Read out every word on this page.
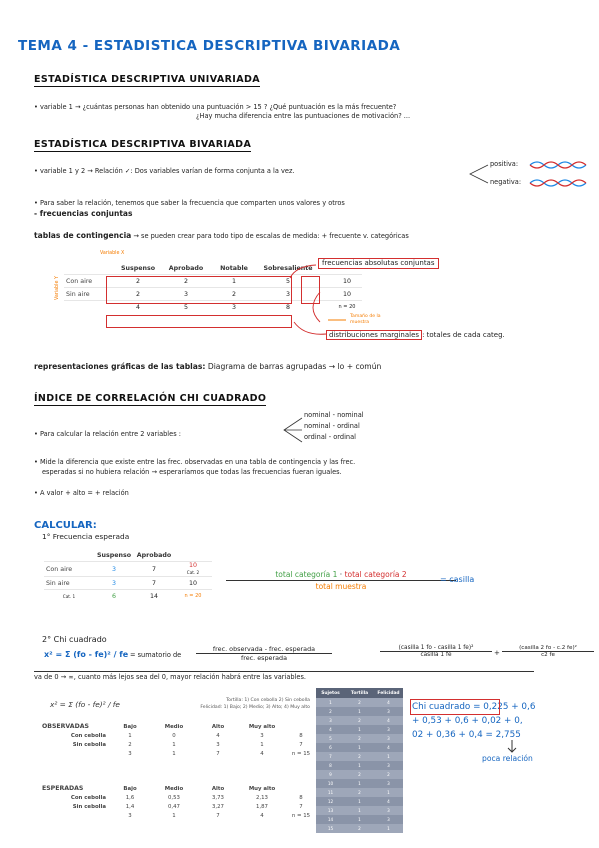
TEMA 4 - ESTADISTICA DESCRIPTIVA BIVARIADA
ESTADÍSTICA DESCRIPTIVA UNIVARIADA
• variable 1 → ¿cuántas personas han obtenido una puntuación > 15 ? ¿Qué puntuación es la más frecuente?
¿Hay mucha diferencia entre las puntuaciones de motivación? ...
ESTADÍSTICA DESCRIPTIVA BIVARIADA
• variable 1 y 2 → Relación ✓: Dos variables varían de forma conjunta a la vez.
positiva:
negativa:
• Para saber la relación, tenemos que saber la frecuencia que comparten unos valores y otros
- frecuencias conjuntas
tablas de contingencia → se pueden crear para todo tipo de escalas de medida: + frecuente v. categóricas
Variable X
Variable Y
	Suspenso	Aprobado	Notable	Sobresaliente		
Con aire	2	2	1	5		10
Sin aire	2	3	2	3		10
	4	5	3	8		n = 20
frecuencias absolutas conjuntas
Tamaño de la muestra
distribuciones marginales : totales de cada categ.
representaciones gráficas de las tablas: Diagrama de barras agrupadas → lo + común
ÍNDICE DE CORRELACIÓN CHI CUADRADO
• Para calcular la relación entre 2 variables :
nominal - nominal
nominal - ordinal
ordinal - ordinal
• Mide la diferencia que existe entre las frec. observadas en una tabla de contingencia y las frec.
esperadas si no hubiera relación → esperaríamos que todas las frecuencias fueran iguales.
• A valor + alto = + relación
CALCULAR:
1° Frecuencia esperada
	Suspenso	Aprobado	
Con aire	3	7	10
Cat. 2
Sin aire	3	7	10
Cat. 1	6	14	n = 20
total categoría 1 · total categoría 2
total muestra
= casilla
2° Chi cuadrado
x² = Σ (fo - fe)² / fe = sumatorio de
frec. observada - frec. esperada
frec. esperada
(casilla 1 fo - casilla 1 fe)²
casilla 1 fe	+
(casilla 2 fo - c.2 fe)²
c2 fe
va de 0 → ∞, cuanto más lejos sea del 0, mayor relación habrá entre las variables.
x² = Σ (fo - fe)² / fe	Tortilla: 1) Con cebolla 2) Sin cebolla
Felicidad: 1) Bajo; 2) Medio; 3) Alto; 4) Muy alto
OBSERVADAS	Bajo	Medio	Alto	Muy alto	
Con cebolla	1	0	4	3	8
Sin cebolla	2	1	3	1	7
	3	1	7	4	n = 15
ESPERADAS	Bajo	Medio	Alto	Muy alto	
Con cebolla	1,6	0,53	3,73	2,13	8
Sin cebolla	1,4	0,47	3,27	1,87	7
	3	1	7	4	n = 15
Sujetos	Tortilla	Felicidad
1	2	4
2	1	3
3	2	4
4	1	3
5	2	3
6	1	4
7	2	1
8	1	3
9	2	2
10	1	3
11	2	1
12	1	4
13	1	3
14	1	3
15	2	1
Chi cuadrado = 0,225 + 0,6
+ 0,53 + 0,6 + 0,02 + 0,
02 + 0,36 + 0,4 = 2,755
poca relación
